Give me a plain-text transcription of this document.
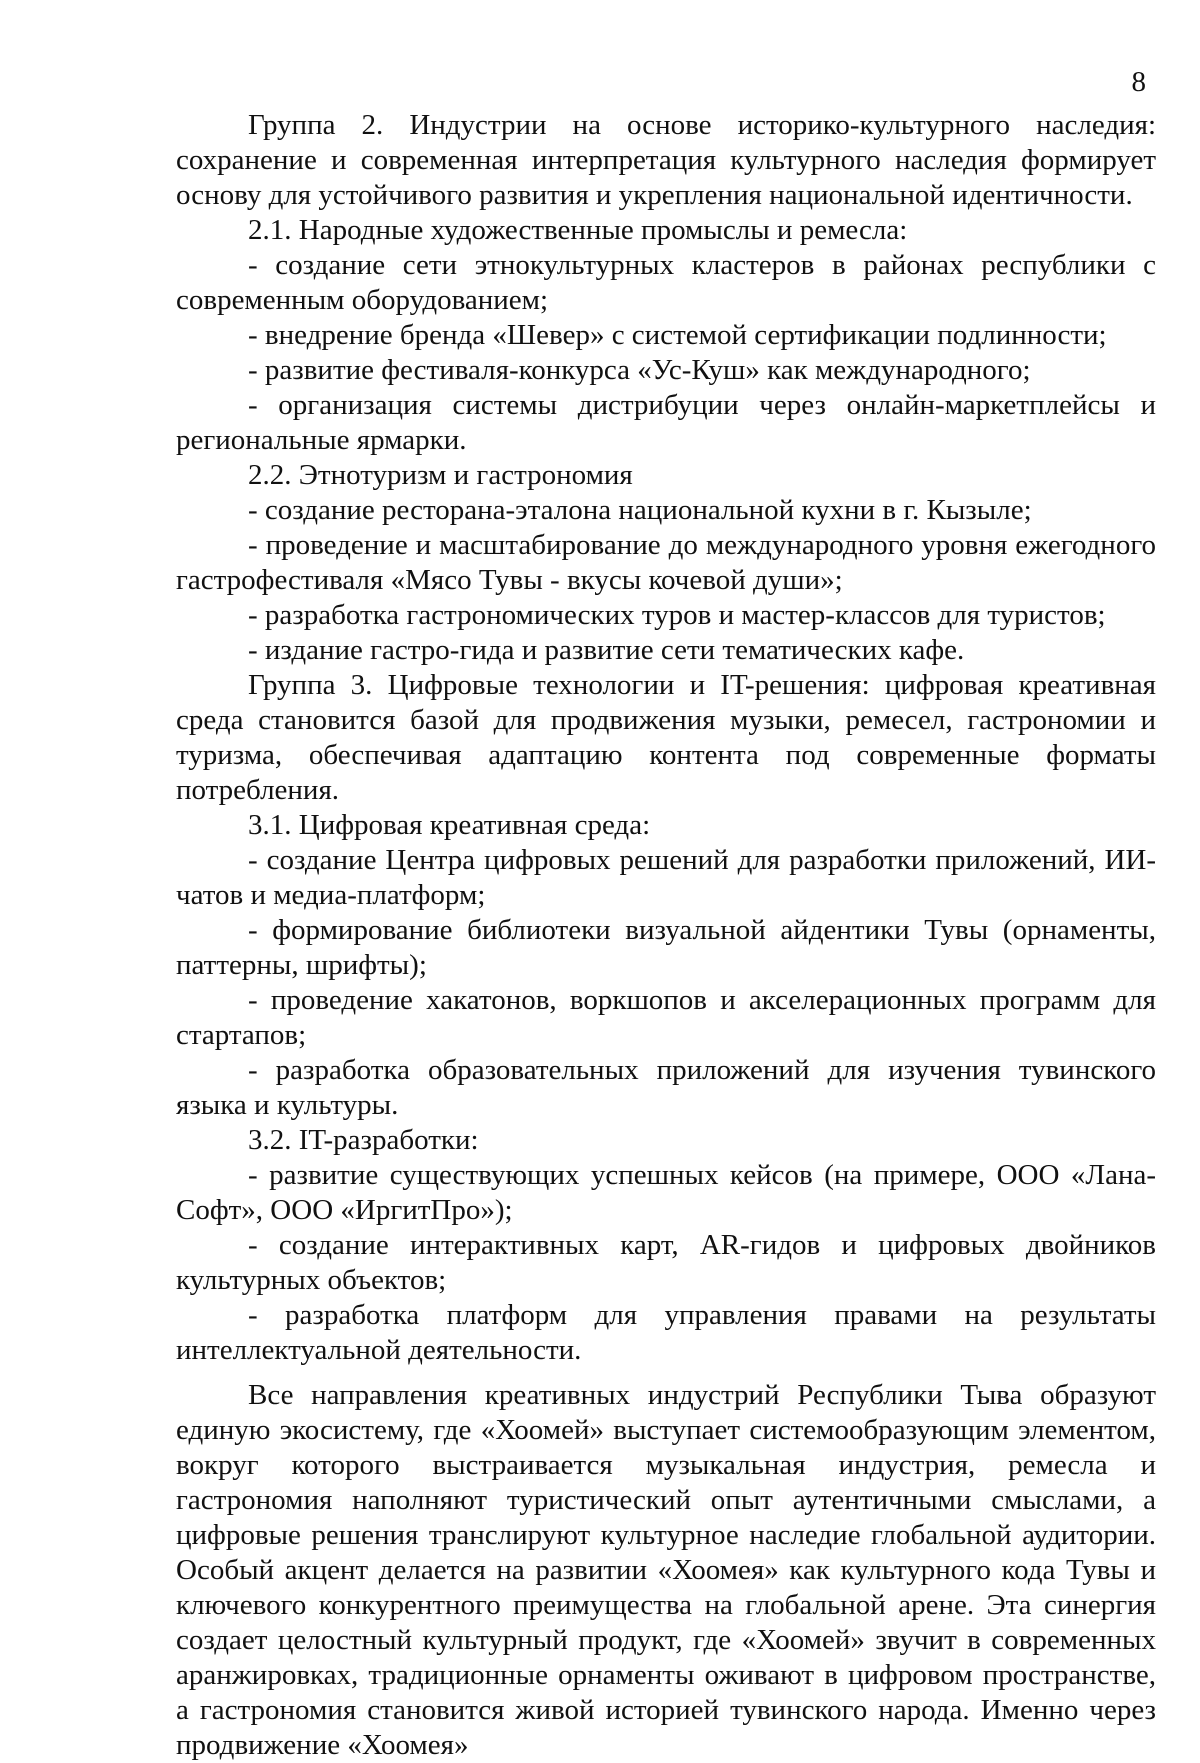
8

Группа 2. Индустрии на основе историко-культурного наследия: сохранение и современная интерпретация культурного наследия формирует основу для устойчивого развития и укрепления национальной идентичности.

2.1. Народные художественные промыслы и ремесла:

- создание сети этнокультурных кластеров в районах республики с современным оборудованием;

- внедрение бренда «Шевер» с системой сертификации подлинности;

- развитие фестиваля-конкурса «Ус-Куш» как международного;

- организация системы дистрибуции через онлайн-маркетплейсы и региональные ярмарки.

2.2. Этнотуризм и гастрономия

- создание ресторана-эталона национальной кухни в г. Кызыле;

- проведение и масштабирование до международного уровня ежегодного гастрофестиваля «Мясо Тувы - вкусы кочевой души»;

- разработка гастрономических туров и мастер-классов для туристов;

- издание гастро-гида и развитие сети тематических кафе.

Группа 3. Цифровые технологии и IT-решения: цифровая креативная среда становится базой для продвижения музыки, ремесел, гастрономии и туризма, обеспечивая адаптацию контента под современные форматы потребления.

3.1. Цифровая креативная среда:

- создание Центра цифровых решений для разработки приложений, ИИ-чатов и медиа-платформ;

- формирование библиотеки визуальной айдентики Тувы (орнаменты, паттерны, шрифты);

- проведение хакатонов, воркшопов и акселерационных программ для стартапов;

- разработка образовательных приложений для изучения тувинского языка и культуры.

3.2. IT-разработки:

- развитие существующих успешных кейсов (на примере, ООО «Лана-Софт», ООО «ИргитПро»);

- создание интерактивных карт, AR-гидов и цифровых двойников культурных объектов;

- разработка платформ для управления правами на результаты интеллектуальной деятельности.

Все направления креативных индустрий Республики Тыва образуют единую экосистему, где «Хоомей» выступает системообразующим элементом, вокруг которого выстраивается музыкальная индустрия, ремесла и гастрономия наполняют туристический опыт аутентичными смыслами, а цифровые решения транслируют культурное наследие глобальной аудитории. Особый акцент делается на развитии «Хоомея» как культурного кода Тувы и ключевого конкурентного преимущества на глобальной арене. Эта синергия создает целостный культурный продукт, где «Хоомей» звучит в современных аранжировках, традиционные орнаменты оживают в цифровом пространстве, а гастрономия становится живой историей тувинского народа. Именно через продвижение «Хоомея»
